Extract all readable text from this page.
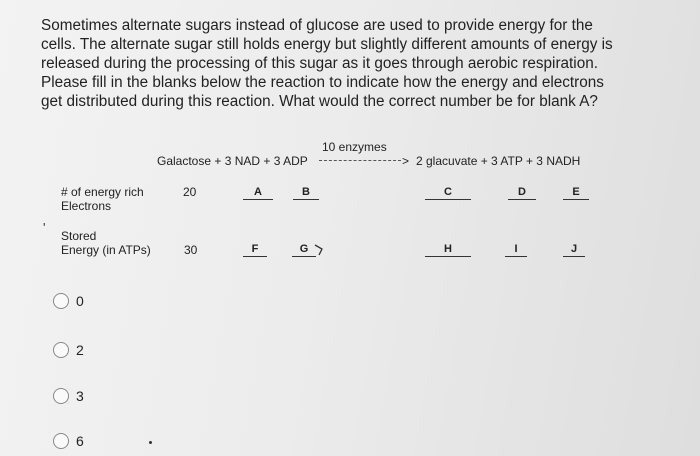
Sometimes alternate sugars instead of glucose are used to provide energy for the
cells. The alternate sugar still holds energy but slightly different amounts of energy is
released during the processing of this sugar as it goes through aerobic respiration.
Please fill in the blanks below the reaction to indicate how the energy and electrons
get distributed during this reaction. What would the correct number be for blank A?

10 enzymes
Galactose + 3 NAD + 3 ADP	> 2 glacuvate + 3 ATP + 3 NADH
# of energy rich
Electrons
20	A	B	C	D	E
'
Stored
Energy (in ATPs)	30	F	G	H	I	J
0
2
3
6
